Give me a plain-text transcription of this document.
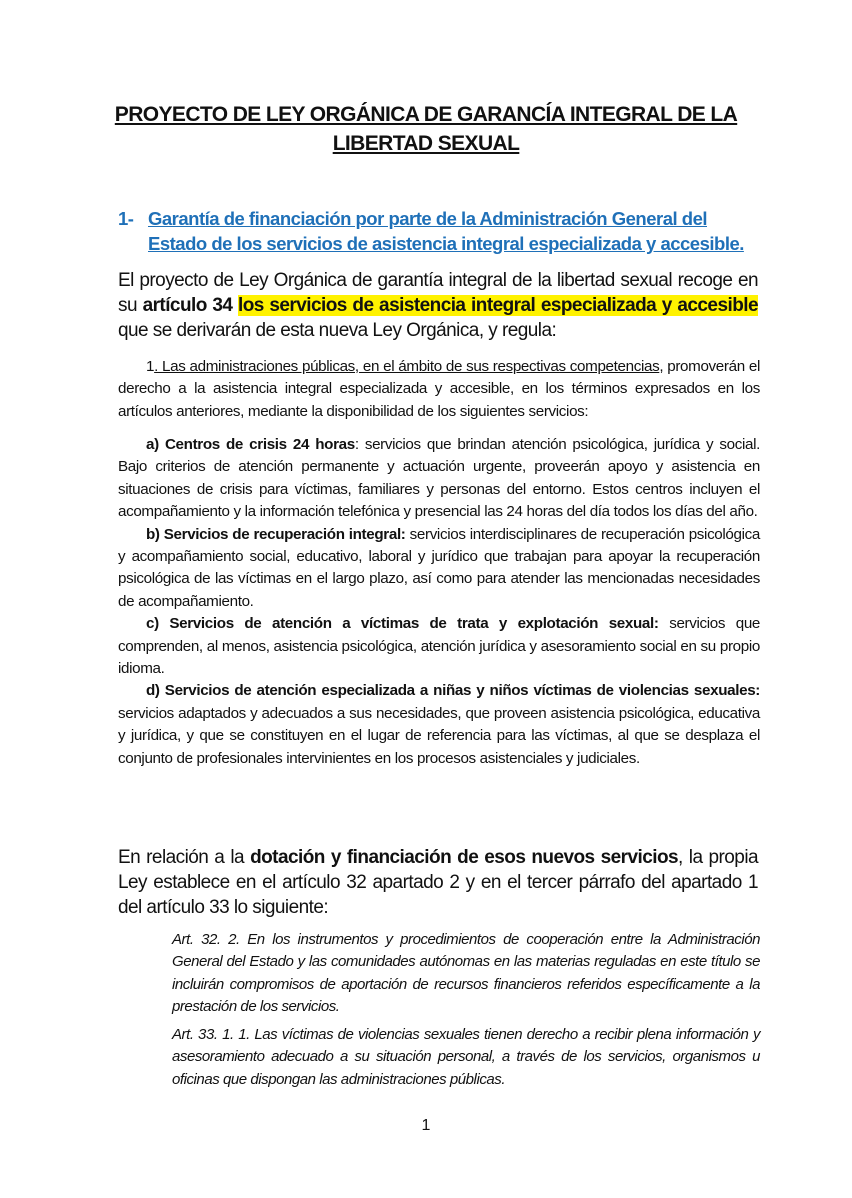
PROYECTO DE LEY ORGÁNICA DE GARANCÍA INTEGRAL DE LA LIBERTAD SEXUAL
1- Garantía de financiación por parte de la Administración General del Estado de los servicios de asistencia integral especializada y accesible.

El proyecto de Ley Orgánica de garantía integral de la libertad sexual recoge en su artículo 34 los servicios de asistencia integral especializada y accesible que se derivarán de esta nueva Ley Orgánica, y regula:

1. Las administraciones públicas, en el ámbito de sus respectivas competencias, promoverán el derecho a la asistencia integral especializada y accesible, en los términos expresados en los artículos anteriores, mediante la disponibilidad de los siguientes servicios:

a) Centros de crisis 24 horas: servicios que brindan atención psicológica, jurídica y social. Bajo criterios de atención permanente y actuación urgente, proveerán apoyo y asistencia en situaciones de crisis para víctimas, familiares y personas del entorno. Estos centros incluyen el acompañamiento y la información telefónica y presencial las 24 horas del día todos los días del año.

b) Servicios de recuperación integral: servicios interdisciplinares de recuperación psicológica y acompañamiento social, educativo, laboral y jurídico que trabajan para apoyar la recuperación psicológica de las víctimas en el largo plazo, así como para atender las mencionadas necesidades de acompañamiento.

c) Servicios de atención a víctimas de trata y explotación sexual: servicios que comprenden, al menos, asistencia psicológica, atención jurídica y asesoramiento social en su propio idioma.

d) Servicios de atención especializada a niñas y niños víctimas de violencias sexuales: servicios adaptados y adecuados a sus necesidades, que proveen asistencia psicológica, educativa y jurídica, y que se constituyen en el lugar de referencia para las víctimas, al que se desplaza el conjunto de profesionales intervinientes en los procesos asistenciales y judiciales.

En relación a la dotación y financiación de esos nuevos servicios, la propia Ley establece en el artículo 32 apartado 2 y en el tercer párrafo del apartado 1 del artículo 33 lo siguiente:

Art. 32. 2. En los instrumentos y procedimientos de cooperación entre la Administración General del Estado y las comunidades autónomas en las materias reguladas en este título se incluirán compromisos de aportación de recursos financieros referidos específicamente a la prestación de los servicios.

Art. 33. 1. 1. Las víctimas de violencias sexuales tienen derecho a recibir plena información y asesoramiento adecuado a su situación personal, a través de los servicios, organismos u oficinas que dispongan las administraciones públicas.

1
